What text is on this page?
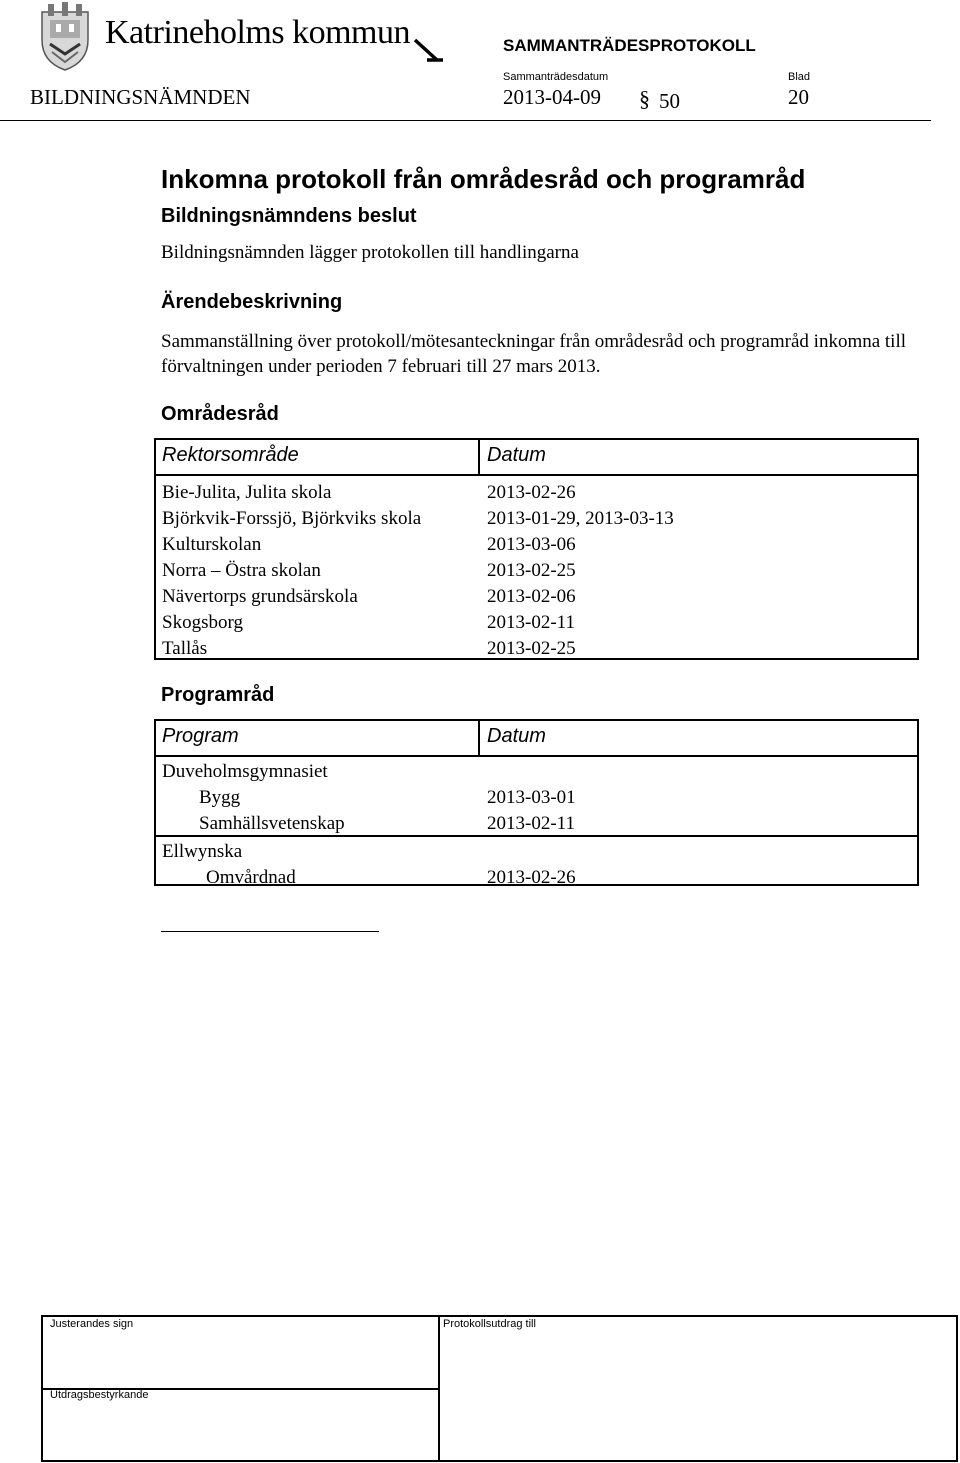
Katrineholms kommun	SAMMANTRÄDESPROTOKOLL
Sammanträdesdatum	Blad
BILDNINGSNÄMNDEN	2013-04-09 § 50	20
Inkomna protokoll från områdesråd och programråd
Bildningsnämndens beslut
Bildningsnämnden lägger protokollen till handlingarna
Ärendebeskrivning
Sammanställning över protokoll/mötesanteckningar från områdesråd och programråd inkomna till förvaltningen under perioden 7 februari till 27 mars 2013.
Områdesråd
Rektorsområde	Datum
Bie-Julita, Julita skola	2013-02-26
Björkvik-Forssjö, Björkviks skola	2013-01-29, 2013-03-13
Kulturskolan	2013-03-06
Norra – Östra skolan	2013-02-25
Nävertorps grundsärskola	2013-02-06
Skogsborg	2013-02-11
Tallås	2013-02-25
Programråd
Program	Datum
Duveholmsgymnasiet
Bygg	2013-03-01
Samhällsvetenskap	2013-02-11
Ellwynska
Omvårdnad	2013-02-26
Justerandes sign	Protokollsutdrag till
Utdragsbestyrkande
